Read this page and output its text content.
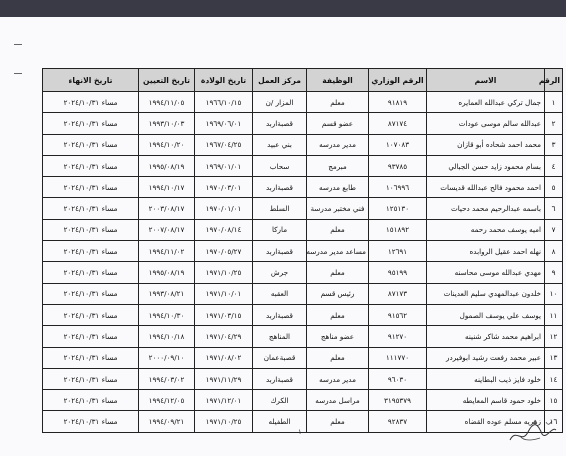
الرقم	الاسم	الرقم الوزاري	الوظيفة	مركز العمل	تاريخ الولادة	تاريخ التعيين	تاريخ الانهاء
١	جمال تركي عبدالله العمايره	٩١٨١٩	معلم	المزار /ن	١٩٦٦/١٠/١٥	١٩٩٤/١١/٠٥	مساء ٢٠٢٤/١٠/٣١
٢	عبدالله سالم موسى عودات	٨٧١٧٤	عضو قسم	قصبةاربد	١٩٦٩/٠٦/٠١	١٩٩٣/١٠/٠٣	مساء ٢٠٢٤/١٠/٣١
٣	محمد احمد شحاده أبو قازان	١٠٧٠٨٣	مدير مدرسه	بني عبيد	١٩٦٧/٠٤/٢٥	١٩٩٤/١٠/٢٠	مساء ٢٠٢٤/١٠/٣١
٤	بسام محمود زايد حسن الجبالي	٩٣٧٨٥	مبرمج	سحاب	١٩٦٩/٠١/٠١	١٩٩٥/٠٨/١٩	مساء ٢٠٢٤/١٠/٣١
٥	احمد محمود فالح عبدالله قديسات	١٠٦٩٩٦	طابع مدرسه	قصبةاربد	١٩٧٠/٠٣/٠١	١٩٩٤/١٠/١٧	مساء ٢٠٢٤/١٠/٣١
٦	باسمه عبدالرحيم محمد دحيات	١٢٥١٣٠	فني مختبر مدرسة	السلط	١٩٧٠/٠١/٠١	٢٠٠٣/٠٨/١٧	مساء ٢٠٢٤/١٠/٣١
٧	اميه يوسف محمد رحمه	١٥١٨٩٢	معلم	ماركا	١٩٧٠/٠٨/١٤	٢٠٠٧/٠٨/١٧	مساء ٢٠٢٤/١٠/٣١
٨	نهله احمد عقيل الروابده	١٢٦٩١	مساعد مدير مدرسه	قصبةاربد	١٩٧٠/٠٥/٢٧	١٩٩٤/١١/٠٢	مساء ٢٠٢٤/١٠/٣١
٩	مهدي عبدالله موسى محاسنه	٩٥١٩٩	معلم	جرش	١٩٧١/١٠/٢٥	١٩٩٥/٠٨/١٩	مساء ٢٠٢٤/١٠/٣١
١٠	خلدون عبدالمهدي سليم العدينات	٨٧١٧٣	رئيس قسم	العقبه	١٩٧١/١٠/٠١	١٩٩٣/٠٨/٢١	مساء ٢٠٢٤/١٠/٣١
١١	يوسف علي يوسف الصمول	٩١٥٦٢	معلم	قصبةاربد	١٩٧١/٠٣/١٥	١٩٩٤/١٠/٣٠	مساء ٢٠٢٤/١٠/٣١
١٢	ابراهيم محمد شاكر شنينه	٩١٢٧٠	عضو مناهج	المناهج	١٩٧١/٠٤/٢٩	١٩٩٤/١٠/١٨	مساء ٢٠٢٤/١٠/٣١
١٣	عبير محمد رفعت رشيد ابوفيردر	١١١٧٧٠	معلم	قصبةعمان	١٩٧١/٠٨/٠٢	٢٠٠٠/٠٩/١٠	مساء ٢٠٢٤/١٠/٣١
١٤	خلود فايز ذيب البطاينه	٩٦٠٣٠	مدير مدرسه	قصبةاربد	١٩٧١/١١/٢٩	١٩٩٤/٠٣/٠٢	مساء ٢٠٢٤/١٠/٣١
١٥	خلود حمود قاسم المعايطه	٣١٩٥٣٧٩	مراسل مدرسه	الكرك	١٩٧١/١٢/٠١	١٩٩٤/١٢/٠٥	مساء ٢٠٢٤/١٠/٣١
١٦	زهريه مسلم عوده القضاه	٩٢٨٣٧	معلم	الطفيله	١٩٧١/١٠/٢٥	١٩٩٤/٠٩/٢١	مساء ٢٠٢٤/١٠/٣١
١
